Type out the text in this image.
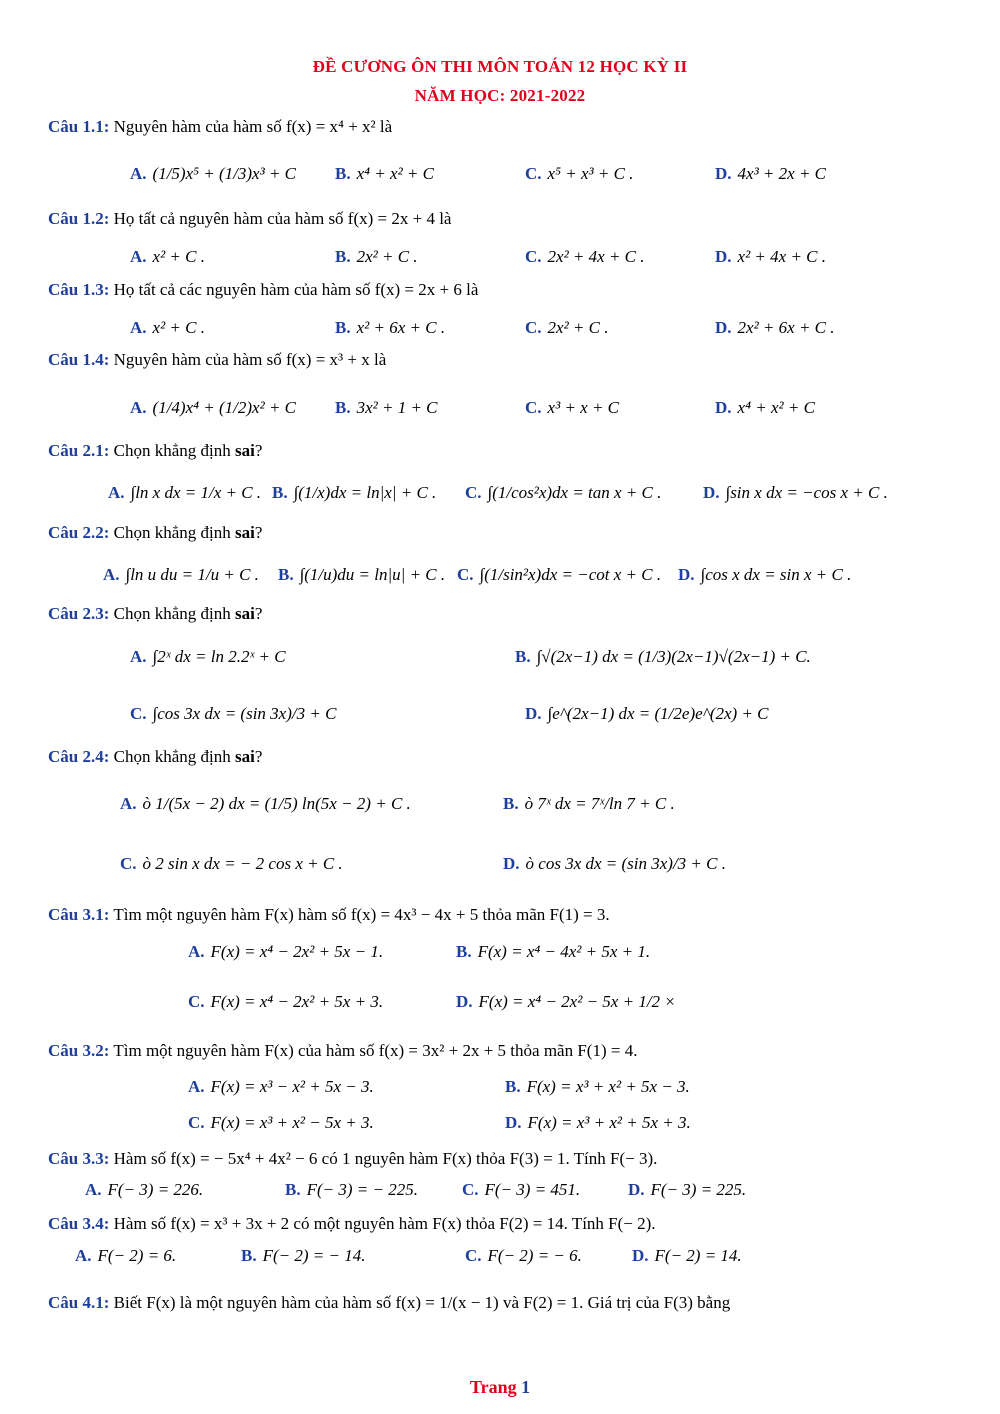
ĐỀ CƯƠNG ÔN THI MÔN TOÁN 12 HỌC KỲ II
NĂM HỌC: 2021-2022
Câu 1.1: Nguyên hàm của hàm số f(x) = x⁴ + x² là
A. (1/5)x⁵ + (1/3)x³ + C B. x⁴ + x² + C	C. x⁵ + x³ + C .	D. 4x³ + 2x + C
Câu 1.2: Họ tất cả nguyên hàm của hàm số f(x) = 2x + 4 là
A. x² + C .	B. 2x² + C .	C. 2x² + 4x + C .	D. x² + 4x + C .
Câu 1.3: Họ tất cả các nguyên hàm của hàm số f(x) = 2x + 6 là
A. x² + C .	B. x² + 6x + C .	C. 2x² + C .	D. 2x² + 6x + C .
Câu 1.4: Nguyên hàm của hàm số f(x) = x³ + x là
A. (1/4)x⁴ + (1/2)x² + C B. 3x² + 1 + C	C. x³ + x + C	D. x⁴ + x² + C
Câu 2.1: Chọn khẳng định sai?
A. ∫ln x dx = 1/x + C . B. ∫(1/x)dx = ln|x| + C . C. ∫(1/cos²x)dx = tan x + C . D. ∫sin x dx = −cos x + C .
Câu 2.2: Chọn khẳng định sai?
A. ∫ln u du = 1/u + C . B. ∫(1/u)du = ln|u| + C . C. ∫(1/sin²x)dx = −cot x + C . D. ∫cos x dx = sin x + C .
Câu 2.3: Chọn khẳng định sai?
A. ∫2ˣ dx = ln 2.2ˣ + C	B. ∫√(2x−1) dx = (1/3)(2x−1)√(2x−1) + C.
C. ∫cos 3x dx = (sin 3x)/3 + C	D. ∫e^(2x−1) dx = (1/2e)e^(2x) + C
Câu 2.4: Chọn khẳng định sai?
A. ò 1/(5x − 2) dx = (1/5) ln(5x − 2) + C .	B. ò 7ˣ dx = 7ˣ/ln 7 + C .
C. ò 2 sin x dx = − 2 cos x + C .	D. ò cos 3x dx = (sin 3x)/3 + C .
Câu 3.1: Tìm một nguyên hàm F(x) hàm số f(x) = 4x³ − 4x + 5 thỏa mãn F(1) = 3.
A. F(x) = x⁴ − 2x² + 5x − 1.	B. F(x) = x⁴ − 4x² + 5x + 1.
C. F(x) = x⁴ − 2x² + 5x + 3.	D. F(x) = x⁴ − 2x² − 5x + 1/2 ×
Câu 3.2: Tìm một nguyên hàm F(x) của hàm số f(x) = 3x² + 2x + 5 thỏa mãn F(1) = 4.
A. F(x) = x³ − x² + 5x − 3.	B. F(x) = x³ + x² + 5x − 3.
C. F(x) = x³ + x² − 5x + 3.	D. F(x) = x³ + x² + 5x + 3.
Câu 3.3: Hàm số f(x) = − 5x⁴ + 4x² − 6 có 1 nguyên hàm F(x) thỏa F(3) = 1. Tính F(− 3).
A. F(− 3) = 226.	B. F(− 3) = − 225.	C. F(− 3) = 451.	D. F(− 3) = 225.
Câu 3.4: Hàm số f(x) = x³ + 3x + 2 có một nguyên hàm F(x) thỏa F(2) = 14. Tính F(− 2).
A. F(− 2) = 6.	B. F(− 2) = − 14.	C. F(− 2) = − 6.	D. F(− 2) = 14.
Câu 4.1: Biết F(x) là một nguyên hàm của hàm số f(x) = 1/(x − 1) và F(2) = 1. Giá trị của F(3) bằng
Trang 1
